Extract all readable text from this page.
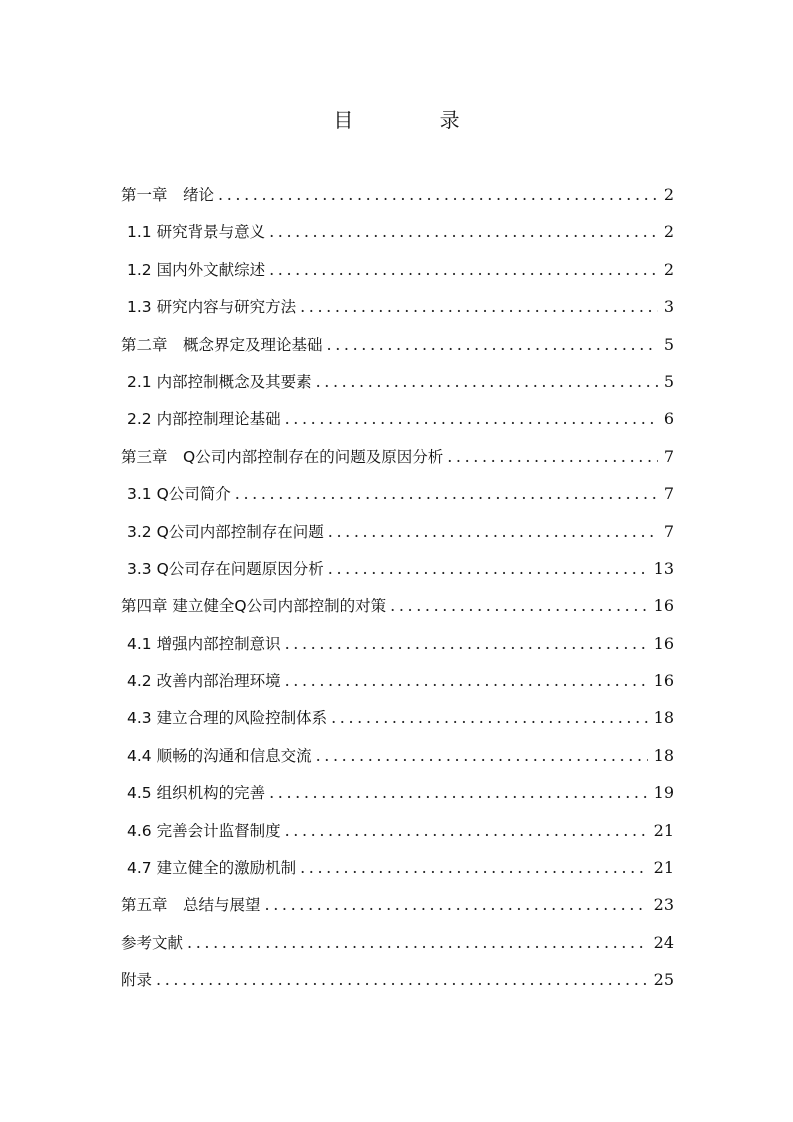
目 录
第一章　绪论 .....	2
1.1 研究背景与意义 .....	2
1.2 国内外文献综述 .....	2
1.3 研究内容与研究方法 .....	3
第二章　概念界定及理论基础 .....	5
2.1 内部控制概念及其要素 .....	5
2.2 内部控制理论基础 .....	6
第三章　Q公司内部控制存在的问题及原因分析 .....	7
3.1 Q公司简介 .....	7
3.2 Q公司内部控制存在问题 .....	7
3.3 Q公司存在问题原因分析 .....	13
第四章 建立健全Q公司内部控制的对策 .....	16
4.1 增强内部控制意识 .....	16
4.2 改善内部治理环境 .....	16
4.3 建立合理的风险控制体系 .....	18
4.4 顺畅的沟通和信息交流 .....	18
4.5 组织机构的完善 .....	19
4.6 完善会计监督制度 .....	21
4.7 建立健全的激励机制 .....	21
第五章　总结与展望 .....	23
参考文献 .....	24
附录 .....	25
